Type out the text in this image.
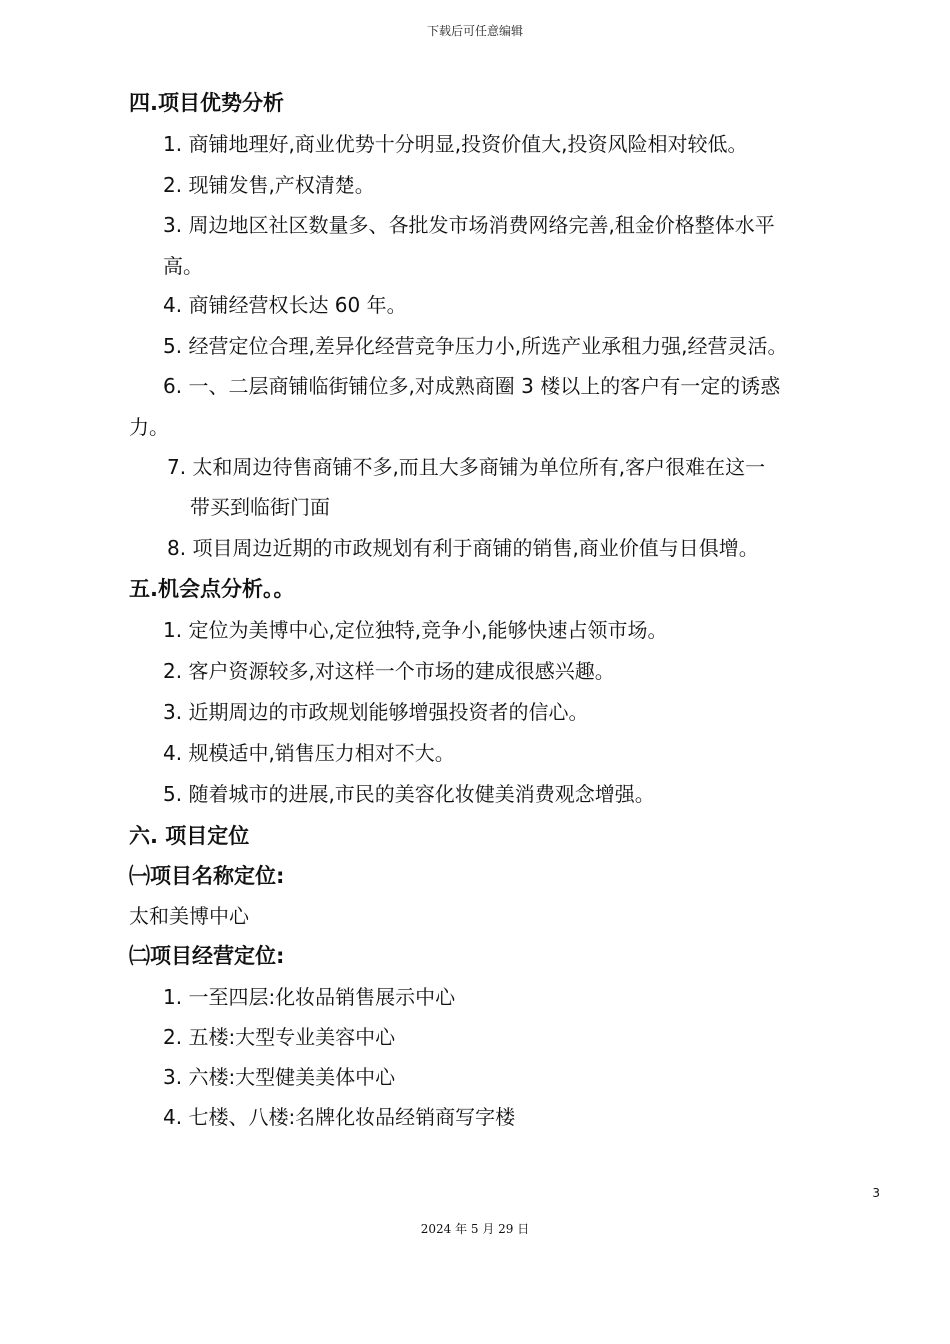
下载后可任意编辑
四.项目优势分析
1. 商铺地理好,商业优势十分明显,投资价值大,投资风险相对较低。
2. 现铺发售,产权清楚。
3. 周边地区社区数量多、各批发市场消费网络完善,租金价格整体水平
高。
4. 商铺经营权长达 60 年。
5. 经营定位合理,差异化经营竞争压力小,所选产业承租力强,经营灵活。
6. 一、二层商铺临街铺位多,对成熟商圈 3 楼以上的客户有一定的诱惑
力。
7. 太和周边待售商铺不多,而且大多商铺为单位所有,客户很难在这一
带买到临街门面
8. 项目周边近期的市政规划有利于商铺的销售,商业价值与日俱增。
五.机会点分析。。
1. 定位为美博中心,定位独特,竞争小,能够快速占领市场。
2. 客户资源较多,对这样一个市场的建成很感兴趣。
3. 近期周边的市政规划能够增强投资者的信心。
4. 规模适中,销售压力相对不大。
5. 随着城市的进展,市民的美容化妆健美消费观念增强。
六. 项目定位
㈠项目名称定位:
太和美博中心
㈡项目经营定位:
1. 一至四层:化妆品销售展示中心
2. 五楼:大型专业美容中心
3. 六楼:大型健美美体中心
4. 七楼、八楼:名牌化妆品经销商写字楼
3
2024 年 5 月 29 日
